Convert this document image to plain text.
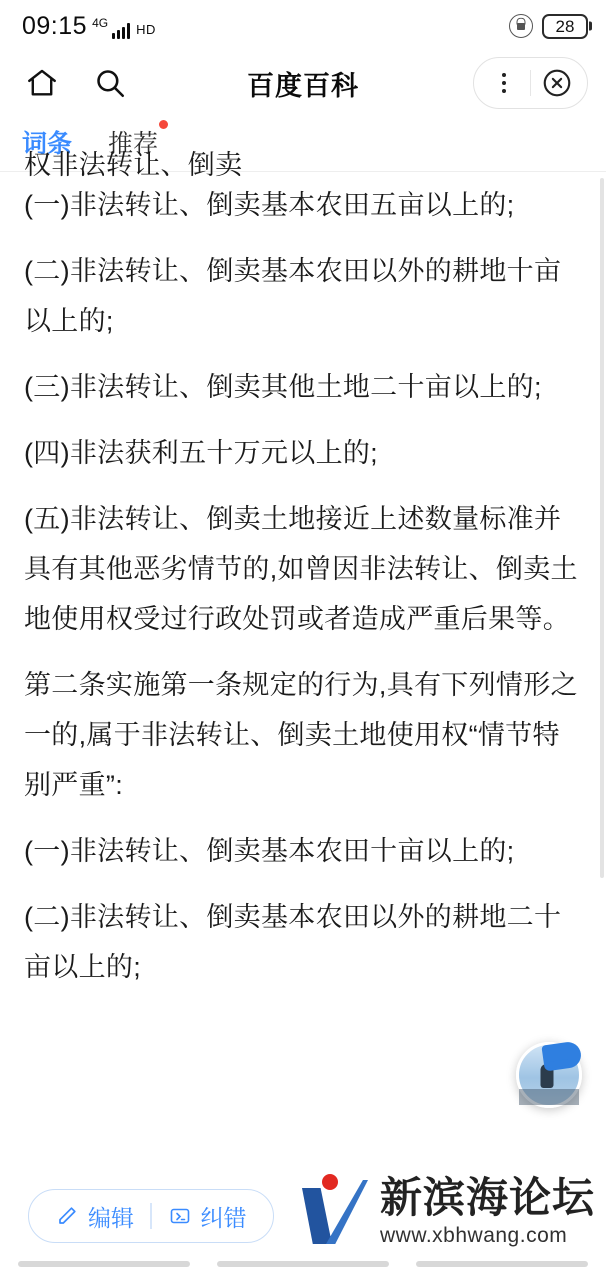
09:15 4G HD	28
百度百科
词条 推荐
权非法转让、倒卖

(一)非法转让、倒卖基本农田五亩以上的;

(二)非法转让、倒卖基本农田以外的耕地十亩以上的;

(三)非法转让、倒卖其他土地二十亩以上的;

(四)非法获利五十万元以上的;

(五)非法转让、倒卖土地接近上述数量标准并具有其他恶劣情节的,如曾因非法转让、倒卖土地使用权受过行政处罚或者造成严重后果等。

第二条实施第一条规定的行为,具有下列情形之一的,属于非法转让、倒卖土地使用权“情节特别严重”:

(一)非法转让、倒卖基本农田十亩以上的;

(二)非法转让、倒卖基本农田以外的耕地二十亩以上的;

新滨海论坛
www.xbhwang.com
编辑	纠错
